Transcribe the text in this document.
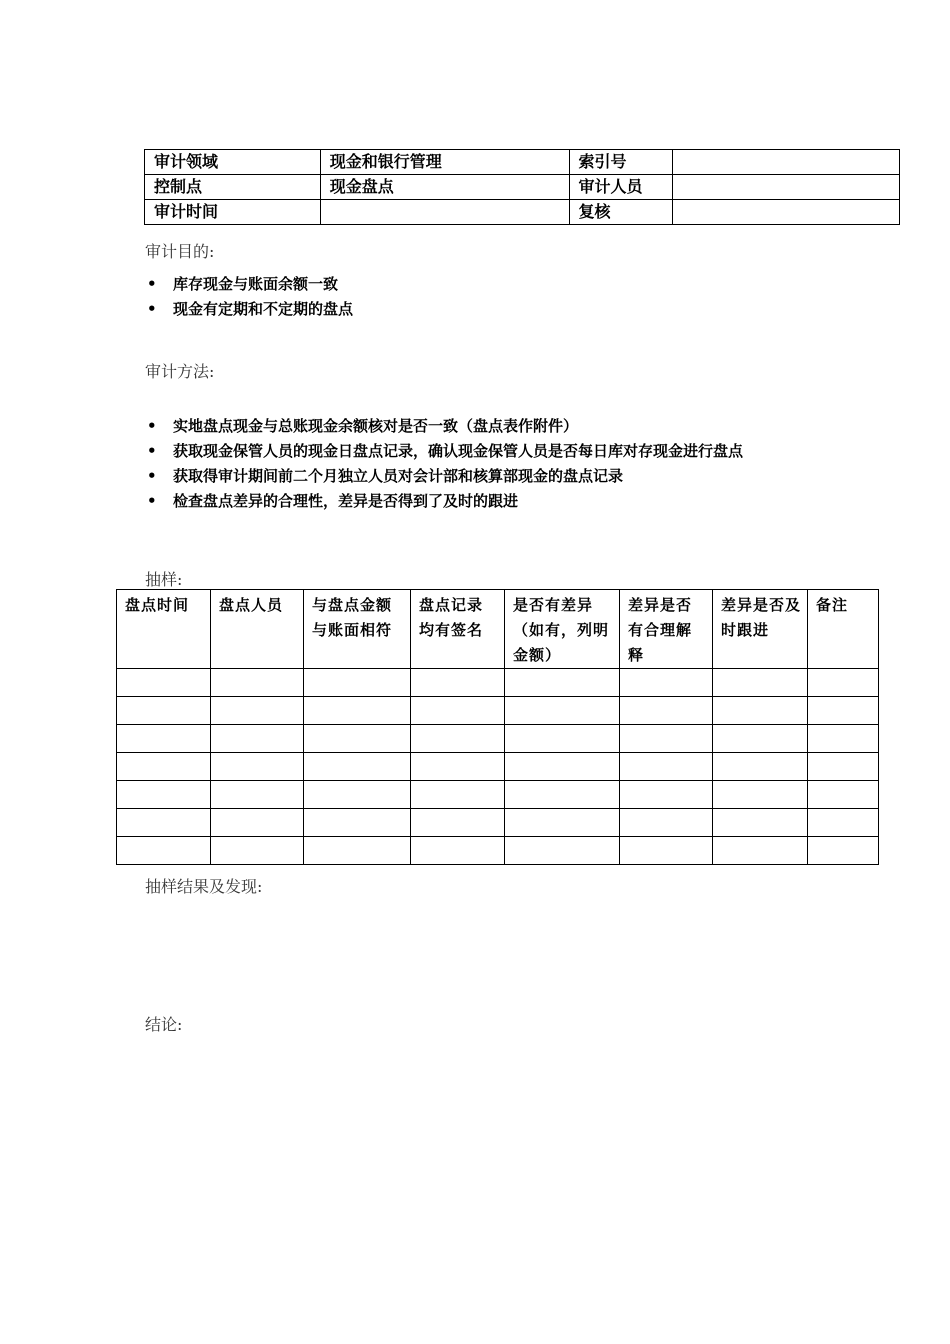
审计领域	现金和银行管理	索引号	
控制点	现金盘点	审计人员	
审计时间		复核	
审计目的:
• 库存现金与账面余额一致
• 现金有定期和不定期的盘点
审计方法:
• 实地盘点现金与总账现金余额核对是否一致（盘点表作附件）
• 获取现金保管人员的现金日盘点记录，确认现金保管人员是否每日库对存现金进行盘点
• 获取得审计期间前二个月独立人员对会计部和核算部现金的盘点记录
• 检查盘点差异的合理性，差异是否得到了及时的跟进
抽样:
盘点时间	盘点人员	与盘点金额与账面相符	盘点记录均有签名	是否有差异（如有，列明金额）	差异是否有合理解释	差异是否及时跟进	备注

抽样结果及发现:
结论:
